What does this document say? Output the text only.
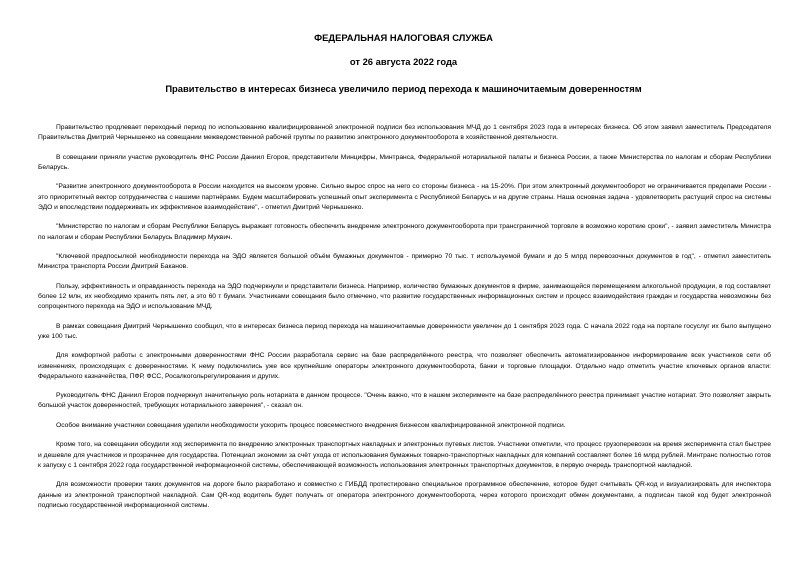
ФЕДЕРАЛЬНАЯ НАЛОГОВАЯ СЛУЖБА
от 26 августа 2022 года
Правительство в интересах бизнеса увеличило период перехода к машиночитаемым доверенностям

Правительство продлевает переходный период по использованию квалифицированной электронной подписи без использования МЧД до 1 сентября 2023 года в интересах бизнеса. Об этом заявил заместитель Председателя Правительства Дмитрий Чернышенко на совещании межведомственной рабочей группы по развитию электронного документооборота в хозяйственной деятельности.

В совещании приняли участие руководитель ФНС России Даниил Егоров, представители Минцифры, Минтранса, Федеральной нотариальной палаты и бизнеса России, а также Министерства по налогам и сборам Республики Беларусь.

"Развитие электронного документооборота в России находится на высоком уровне. Сильно вырос спрос на него со стороны бизнеса - на 15-20%. При этом электронный документооборот не ограничивается пределами России - это приоритетный вектор сотрудничества с нашими партнёрами. Будем масштабировать успешный опыт эксперимента с Республикой Беларусь и на другие страны. Наша основная задача - удовлетворить растущий спрос на системы ЭДО и впоследствии поддерживать их эффективное взаимодействие", - отметил Дмитрий Чернышенко.

"Министерство по налогам и сборам Республики Беларусь выражает готовность обеспечить внедрение электронного документооборота при трансграничной торговле в возможно короткие сроки", - заявил заместитель Министра по налогам и сборам Республики Беларусь Владимир Муквич.

"Ключевой предпосылкой необходимости перехода на ЭДО является большой объём бумажных документов - примерно 70 тыс. т используемой бумаги и до 5 млрд перевозочных документов в год", - отметил заместитель Министра транспорта России Дмитрий Баканов.

Пользу, эффективность и оправданность перехода на ЭДО подчеркнули и представители бизнеса. Например, количество бумажных документов в фирме, занимающейся перемещением алкогольной продукции, в год составляет более 12 млн, их необходимо хранить пять лет, а это 60 т бумаги. Участниками совещания было отмечено, что развитие государственных информационных систем и процесс взаимодействия граждан и государства невозможны без сопроцентного перехода на ЭДО и использование МЧД.

В рамках совещания Дмитрий Чернышенко сообщил, что в интересах бизнеса период перехода на машиночитаемые доверенности увеличен до 1 сентября 2023 года. С начала 2022 года на портале госуслуг их было выпущено уже 100 тыс.

Для комфортной работы с электронными доверенностями ФНС России разработала сервис на базе распределённого реестра, что позволяет обеспечить автоматизированное информирование всех участников сети об изменениях, происходящих с доверенностями. К нему подключились уже все крупнейшие операторы электронного документооборота, банки и торговые площадки. Отдельно надо отметить участие ключевых органов власти: Федерального казначейства, ПФР, ФСС, Росалкогольрегулирования и других.

Руководитель ФНС Даниил Егоров подчеркнул значительную роль нотариата в данном процессе. "Очень важно, что в нашем эксперименте на базе распределённого реестра принимает участие нотариат. Это позволяет закрыть большой участок доверенностей, требующих нотариального заверения", - сказал он.

Особое внимание участники совещания уделили необходимости ускорить процесс повсеместного внедрения бизнесом квалифицированной электронной подписи.

Кроме того, на совещании обсудили ход эксперимента по внедрению электронных транспортных накладных и электронных путевых листов. Участники отметили, что процесс грузоперевозок на время эксперимента стал быстрее и дешевле для участников и прозрачнее для государства. Потенциал экономии за счёт ухода от использования бумажных товарно-транспортных накладных для компаний составляет более 16 млрд рублей. Минтранс полностью готов к запуску с 1 сентября 2022 года государственной информационной системы, обеспечивающей возможность использования электронных транспортных документов, в первую очередь транспортной накладной.

Для возможности проверки таких документов на дороге было разработано и совместно с ГИБДД протестировано специальное программное обеспечение, которое будет считывать QR-код и визуализировать для инспектора данные из электронной транспортной накладной. Сам QR-код водитель будет получать от оператора электронного документооборота, через которого происходит обмен документами, а подписан такой код будет электронной подписью государственной информационной системы.
